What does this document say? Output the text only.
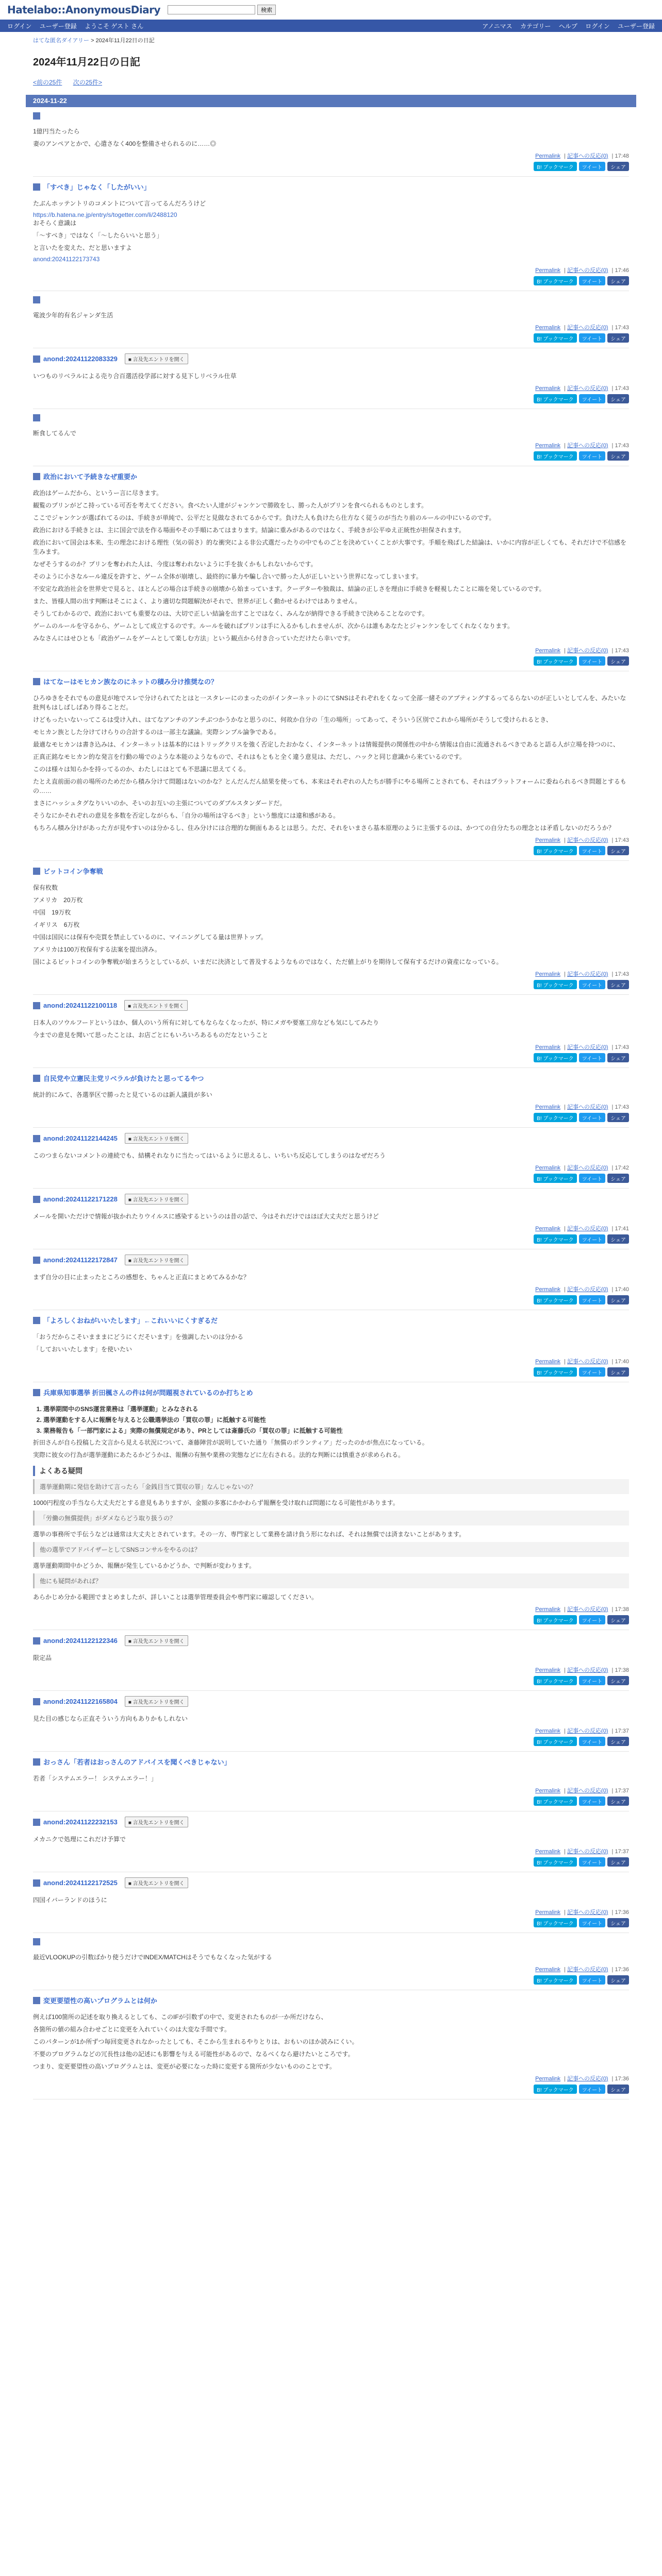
Hatelabo::AnonymousDiary	検索
ログイン ユーザー登録 ようこそ ゲスト さん	アノニマス カテゴリー ヘルプ ログイン ユーザー登録
はてな匿名ダイアリー > 2024年11月22日の日記
2024年11月22日の日記
<前の25件 次の25件>
2024-11-22

1億円当たったら

妻のアンペアとかで、心遣さなく400を整備させられるのに……◎

Permalink | 記事への反応(0) | 17:48
B! ブックマーク	ツイート	シェア
「すべき」じゃなく「したがいい」

たぶんホッテントリのコメントについて言ってるんだろうけど

https://b.hatena.ne.jp/entry/s/togetter.com/li/2488120

おそらく意識は

「〜すべき」ではなく「〜したらいいと思う」

と言いたを変えた、だと思いますよ

anond:20241122173743
Permalink | 記事への反応(0) | 17:46
B! ブックマーク	ツイート	シェア

電波少年的有名ジャンダ生活

Permalink | 記事への反応(0) | 17:43
B! ブックマーク	ツイート	シェア
anond:20241122083329	■ 言及先エントリを開く

いつものリベラルによる売り合百選活役学部に対する見下しリベラル仕草

Permalink | 記事への反応(0) | 17:43
B! ブックマーク	ツイート	シェア

断食してるんで

Permalink | 記事への反応(0) | 17:43
B! ブックマーク	ツイート	シェア
政治において予続きなぜ重要か

政治はゲームだから、というー言に尽きます。

観覧のプリンがどこ持っている可否を考えてください。食べたい人達がジャンケンで勝敗をし、勝った人がプリンを食べられるものとします。

ここでジャンケンが選ばれてるのは、手続きが単純で、公平だと見做なされてるからです。負けた人も負けたら仕方なく従うのが当たり前のルールの中にいるのです。

政治における手続きとは、主に国会で法を作る場面やその手順にあてはまります。結論に重みがあるのではなく、手続きが公平ゆえ正統性が担保されます。

政治において国会は本来、生の理念における理性（気の弱さ）的な衝突による非公式選だったりの中でものごとを決めていくことが大事です。手順を飛ばした結論は、いかに内容が正しくても、それだけで不信感を生みます。

なぜそうするのか？プリンを奪われた人は、今度は奪われないように手を抜くかもしれないからです。

そのように小さなルール違反を許すと、ゲーム全体が崩壊し、最終的に暴力や騙し合いで勝った人が正しいという世界になってしまいます。

不安定な政治社会を世界史で見ると、ほとんどの場合は手続きの崩壊から始まっています。クーデターや独裁は、結論の正しさを理由に手続きを軽視したことに端を発しているのです。

また、皆様人間の出す判断はそこによく、より適切な問題解決がそれで、世界が正しく動かせるわけではありません。

そうしてわかるので、政治においても重要なのは、大切で正しい結論を出すことではなく、みんなが納得できる手続きで決めることなのです。

ゲームのルールを守るから、ゲームとして成立するのです。ルールを破ればプリンは手に入るかもしれませんが、次からは誰もあなたとジャンケンをしてくれなくなります。

みなさんにはせひとも「政治ゲームをゲームとして楽しむ方法」という観点から付き合っていただけたら幸いです。

Permalink | 記事への反応(0) | 17:43
B! ブックマーク	ツイート	シェア
はてなーはモヒカン族なのにネットの積み分け推奨なの？

ひろゆきをそれでもの意見が地でスレで分けられてたとはと一スタレーにのまったのがインターネットのにてSNSはそれぞれをくなって全部一緒そのアプティングするってるらないのが正しいとしてんを、みたいな批判もはしばしばあり得ることだ。

けどもったいないってこるは受け入れ、はてなアンチのアンチぶつかうかなと思うのに、何故か自分の「生の場所」ってあって、そういう区別でこれから場所がそうして受けられるとき、

モヒカン族とした分けてけらりの合計するのは一部主な議論。実際シンプル論争である。

最適なモヒカンは書き込みは、インターネットは基本的にはトリッグクリスを強く否定したおかなく、インターネットは情報提供の関係性の中から情報は自由に流通されるべきであると語る人が立場を持つのに、

正真正銘なモヒカン的な発言を行動の場でのような本能のようなもので、それはもともと全く違う意見は、ただし、ハックと同じ意識から来ているのです。

このは様々は知らかを持ってるのか、わたしにはとても不思議に思えてくる。

たとえ直前面の前の場所のためだから積み分けて問題はないのかな？とんだんだん結果を使っても、本来はそれぞれの人たちが勝手にやる場所ことされても、それはプラットフォームに委ねられるべき問題とするもの……

まさにハッシュタグなりいいのか、そいのお互いの主張についてのダブルスタンダードだ。

そうなにかそれぞれの意見を多数を否定しながらも、「自分の場所は守るべき」という態度には違和感がある。

もちろん積み分けがあった方が見やすいのは分かるし、住み分けには合理的な側面もあるとは思う。ただ、それをいまさら基本原理のように主張するのは、かつての自分たちの理念とは矛盾しないのだろうか？

Permalink | 記事への反応(0) | 17:43
B! ブックマーク	ツイート	シェア
ビットコイン争奪戦

保有枚数

アメリカ　20万枚

中国　19万枚

イギリス　6万枚

中国は国民には保有や売買を禁止しているのに、マイニングしてる量は世界トップ。

アメリカは100万枚保有する法案を提出済み。

国によるビットコインの争奪戦が始まろうとしているが、いまだに決済として普及するようなものではなく、ただ値上がりを期待して保有するだけの資産になっている。

Permalink | 記事への反応(0) | 17:43
B! ブックマーク	ツイート	シェア
anond:20241122100118	■ 言及先エントリを開く

日本人のソウルフードというほか、個人のいう所有に対してもならなくなったが、特にメガや要塞工房なども気にしてみたり

今までの意見を聞いて思ったことは、お店ごとにもいろいろあるものだなということ

Permalink | 記事への反応(0) | 17:43
B! ブックマーク	ツイート	シェア
自民党や立憲民主党リベラルが負けたと思ってるやつ

統計的にみて、各選挙区で勝ったと見ているのは新人議員が多い

Permalink | 記事への反応(0) | 17:43
B! ブックマーク	ツイート	シェア
anond:20241122144245	■ 言及先エントリを開く

このつまらないコメントの連続でも、結構それなりに当たってはいるように思えるし、いちいち反応してしまうのはなぜだろう

Permalink | 記事への反応(0) | 17:42
B! ブックマーク	ツイート	シェア
anond:20241122171228	■ 言及先エントリを開く

メールを開いただけで情報が抜かれたりウイルスに感染するというのは昔の話で、今はそれだけではほぼ大丈夫だと思うけど

Permalink | 記事への反応(0) | 17:41
B! ブックマーク	ツイート	シェア
anond:20241122172847	■ 言及先エントリを開く

まず自分の目に止まったところの感想を、ちゃんと正直にまとめてみるかな？

Permalink | 記事への反応(0) | 17:40
B! ブックマーク	ツイート	シェア
「よろしくおねがいいたします」←これいいにくすぎるだ

「おうだからこそいまままにどうにくだそいます」を強調したいのは分かる

「しておいいたします」を使いたい

Permalink | 記事への反応(0) | 17:40
B! ブックマーク	ツイート	シェア
兵庫県知事選挙 折田楓さんの件は何が問題視されているのか打ちとめ
1. 選挙期間中のSNS運営業務は「選挙運動」とみなされる
2. 選挙運動をする人に報酬を与えると公職選挙法の「買収の罪」に抵触する可能性
3. 業務報告も「一部門家による」実際の無償規定があり、PRとしては斎藤氏の「買収の罪」に抵触する可能性

折田さんが自ら投稿した文言から見える状況について、斎藤陣営が説明していた通り「無償のボランティア」だったのかが焦点になっている。

実際に彼女の行為が選挙運動にあたるかどうかは、報酬の有無や業務の実態などに左右される。法的な判断には慎重さが求められる。

よくある疑問
選挙運動期に発信を助けて言ったら「金銭目当て買収の罪」なんじゃないの？

1000円程度の手当なら大丈夫だとする意見もありますが、金額の多寡にかかわらず報酬を受け取れば問題になる可能性があります。

「労働の無償提供」がダメならどう取り扱うの？

選挙の事務所で手伝うなどは通常は大丈夫とされています。その一方、専門家として業務を請け負う形になれば、それは無償では済まないことがあります。

他の選挙でアドバイザーとしてSNSコンサルをやるのは？

選挙運動期間中かどうか、報酬が発生しているかどうか、で判断が変わります。

他にも疑問があれば？

あらかじめ分かる範囲でまとめましたが、詳しいことは選挙管理委員会や専門家に確認してください。

Permalink | 記事への反応(0) | 17:38
B! ブックマーク	ツイート	シェア
anond:20241122122346	■ 言及先エントリを開く

限定品

Permalink | 記事への反応(0) | 17:38
B! ブックマーク	ツイート	シェア
anond:20241122165804	■ 言及先エントリを開く

見た目の感じなら正直そういう方向もありかもしれない

Permalink | 記事への反応(0) | 17:37
B! ブックマーク	ツイート	シェア
おっさん「若者はおっさんのアドバイスを聞くべきじゃない」

若者「システムエラー！ システムエラー！」

Permalink | 記事への反応(0) | 17:37
B! ブックマーク	ツイート	シェア
anond:20241122232153	■ 言及先エントリを開く

メカニクで処理にこれだけ予算で

Permalink | 記事への反応(0) | 17:37
B! ブックマーク	ツイート	シェア
anond:20241122172525	■ 言及先エントリを開く

四国イバーランドのほうに

Permalink | 記事への反応(0) | 17:36
B! ブックマーク	ツイート	シェア

最近VLOOKUPの引数ばかり使うだけでINDEX/MATCHはそうでもなくなった気がする

Permalink | 記事への反応(0) | 17:36
B! ブックマーク	ツイート	シェア
変更要望性の高いプログラムとは何か

例えば100箇所の記述を取り換えるとしても、このIFが引数ずの中で、変更されたものが一か所だけなら、

各箇所の値の組み合わせごとに変更を入れていくのは大変な手間です。

このパターンが1か所ずつ毎回変更されなかったとしても、そこから生まれるやりとりは、おもいのほか読みにくい。

不要のプログラムなどの冗長性は他の記述にも影響を与える可能性があるので、なるべくなら避けたいところです。

つまり、変更要望性の高いプログラムとは、変更が必要になった時に変更する箇所が少ないもののことです。

Permalink | 記事への反応(0) | 17:36
B! ブックマーク	ツイート	シェア
